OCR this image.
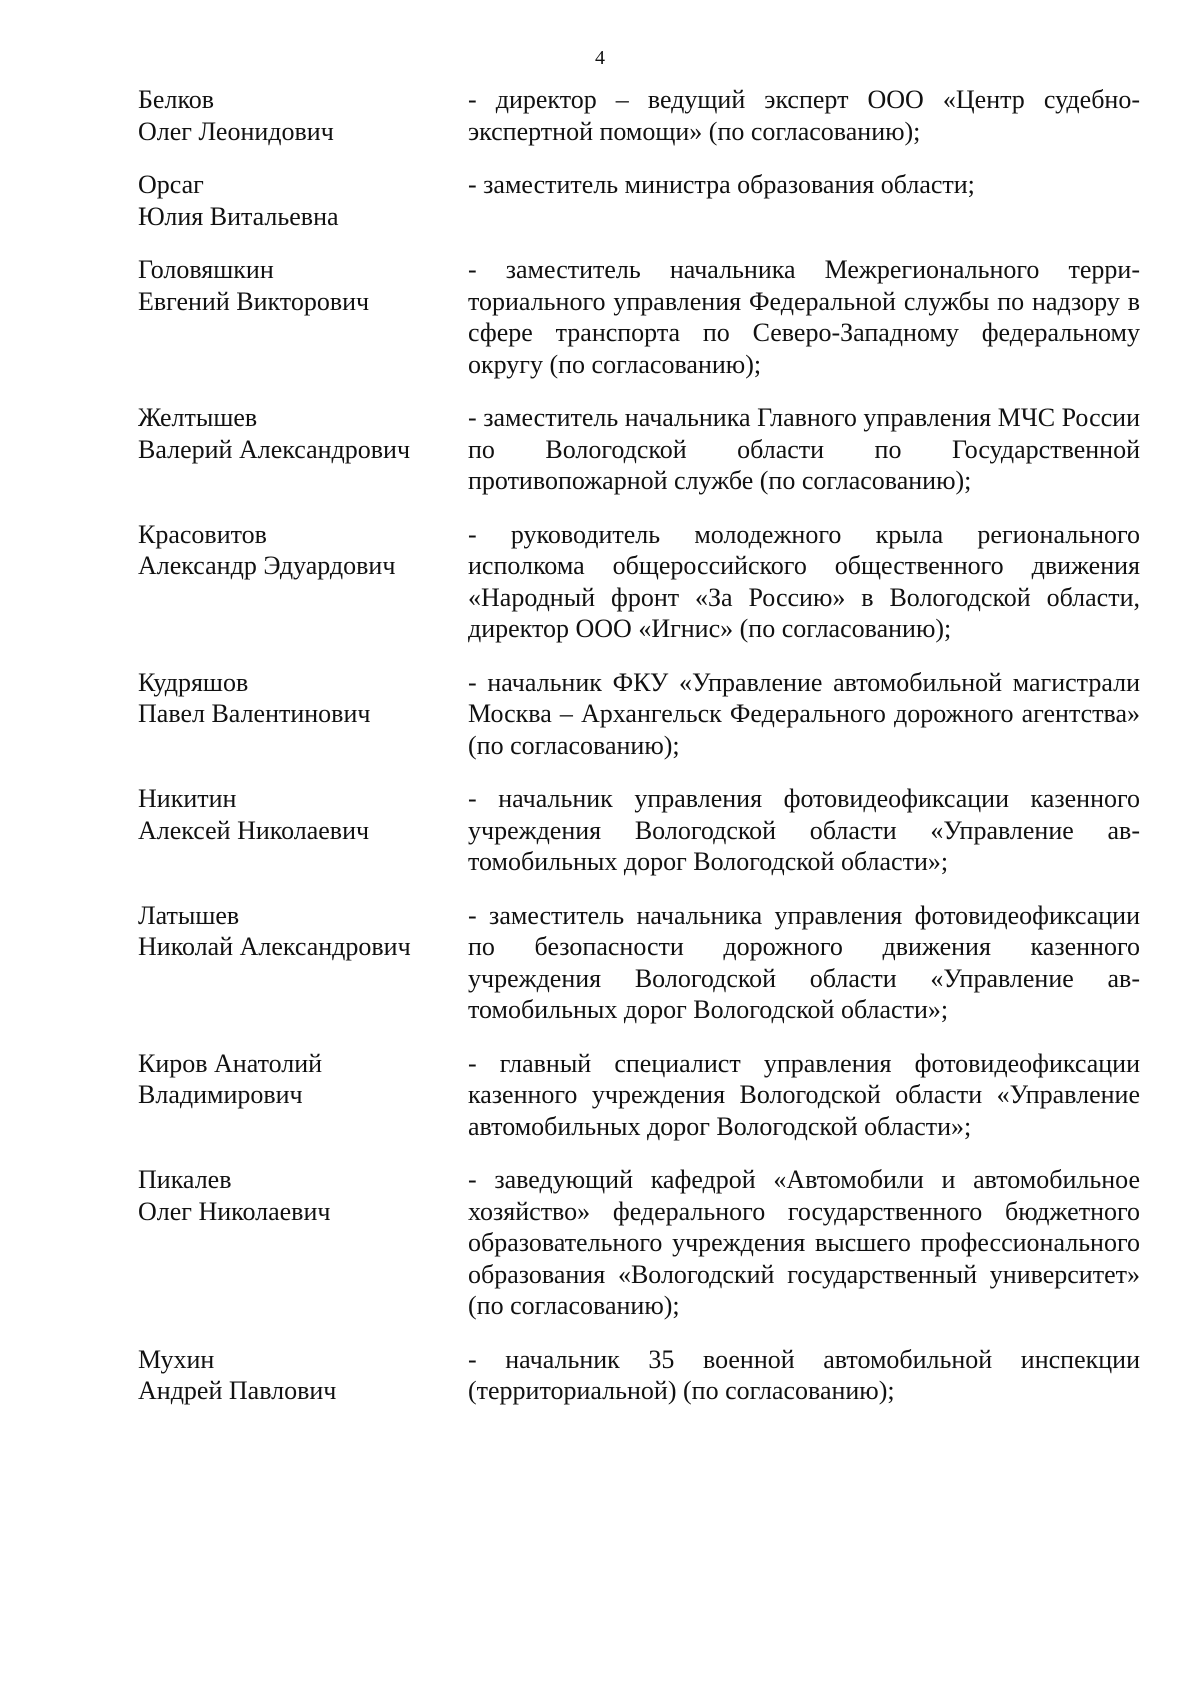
4
Белков
Олег Леонидович
- директор – ведущий эксперт ООО «Центр судебно-экспертной помощи» (по согласованию);
Орсаг
Юлия Витальевна
- заместитель министра образования области;
Головяшкин
Евгений Викторович
- заместитель начальника Межрегионального территориального управления Федеральной службы по надзору в сфере транспорта по Северо-Западному федеральному округу (по согласованию);
Желтышев
Валерий Александрович
- заместитель начальника Главного управления МЧС России по Вологодской области по Государственной противопожарной службе (по согласованию);
Красовитов
Александр Эдуардович
- руководитель молодежного крыла регионального исполкома общероссийского общественного движения «Народный фронт «За Россию» в Вологодской области, директор ООО «Игнис» (по согласованию);
Кудряшов
Павел Валентинович
- начальник ФКУ «Управление автомобильной магистрали Москва – Архангельск Федерального дорожного агентства» (по согласованию);
Никитин
Алексей Николаевич
- начальник управления фотовидеофиксации казенного учреждения Вологодской области «Управление автомобильных дорог Вологодской области»;
Латышев
Николай Александрович
- заместитель начальника управления фотовидеофиксации по безопасности дорожного движения казенного учреждения Вологодской области «Управление автомобильных дорог Вологодской области»;
Киров Анатолий
Владимирович
- главный специалист управления фотовидеофиксации казенного учреждения Вологодской области «Управление автомобильных дорог Вологодской области»;
Пикалев
Олег Николаевич
- заведующий кафедрой «Автомобили и автомобильное хозяйство» федерального государственного бюджетного образовательного учреждения высшего профессионального образования «Вологодский государственный университет» (по согласованию);
Мухин
Андрей Павлович
- начальник 35 военной автомобильной инспекции (территориальной) (по согласованию);
